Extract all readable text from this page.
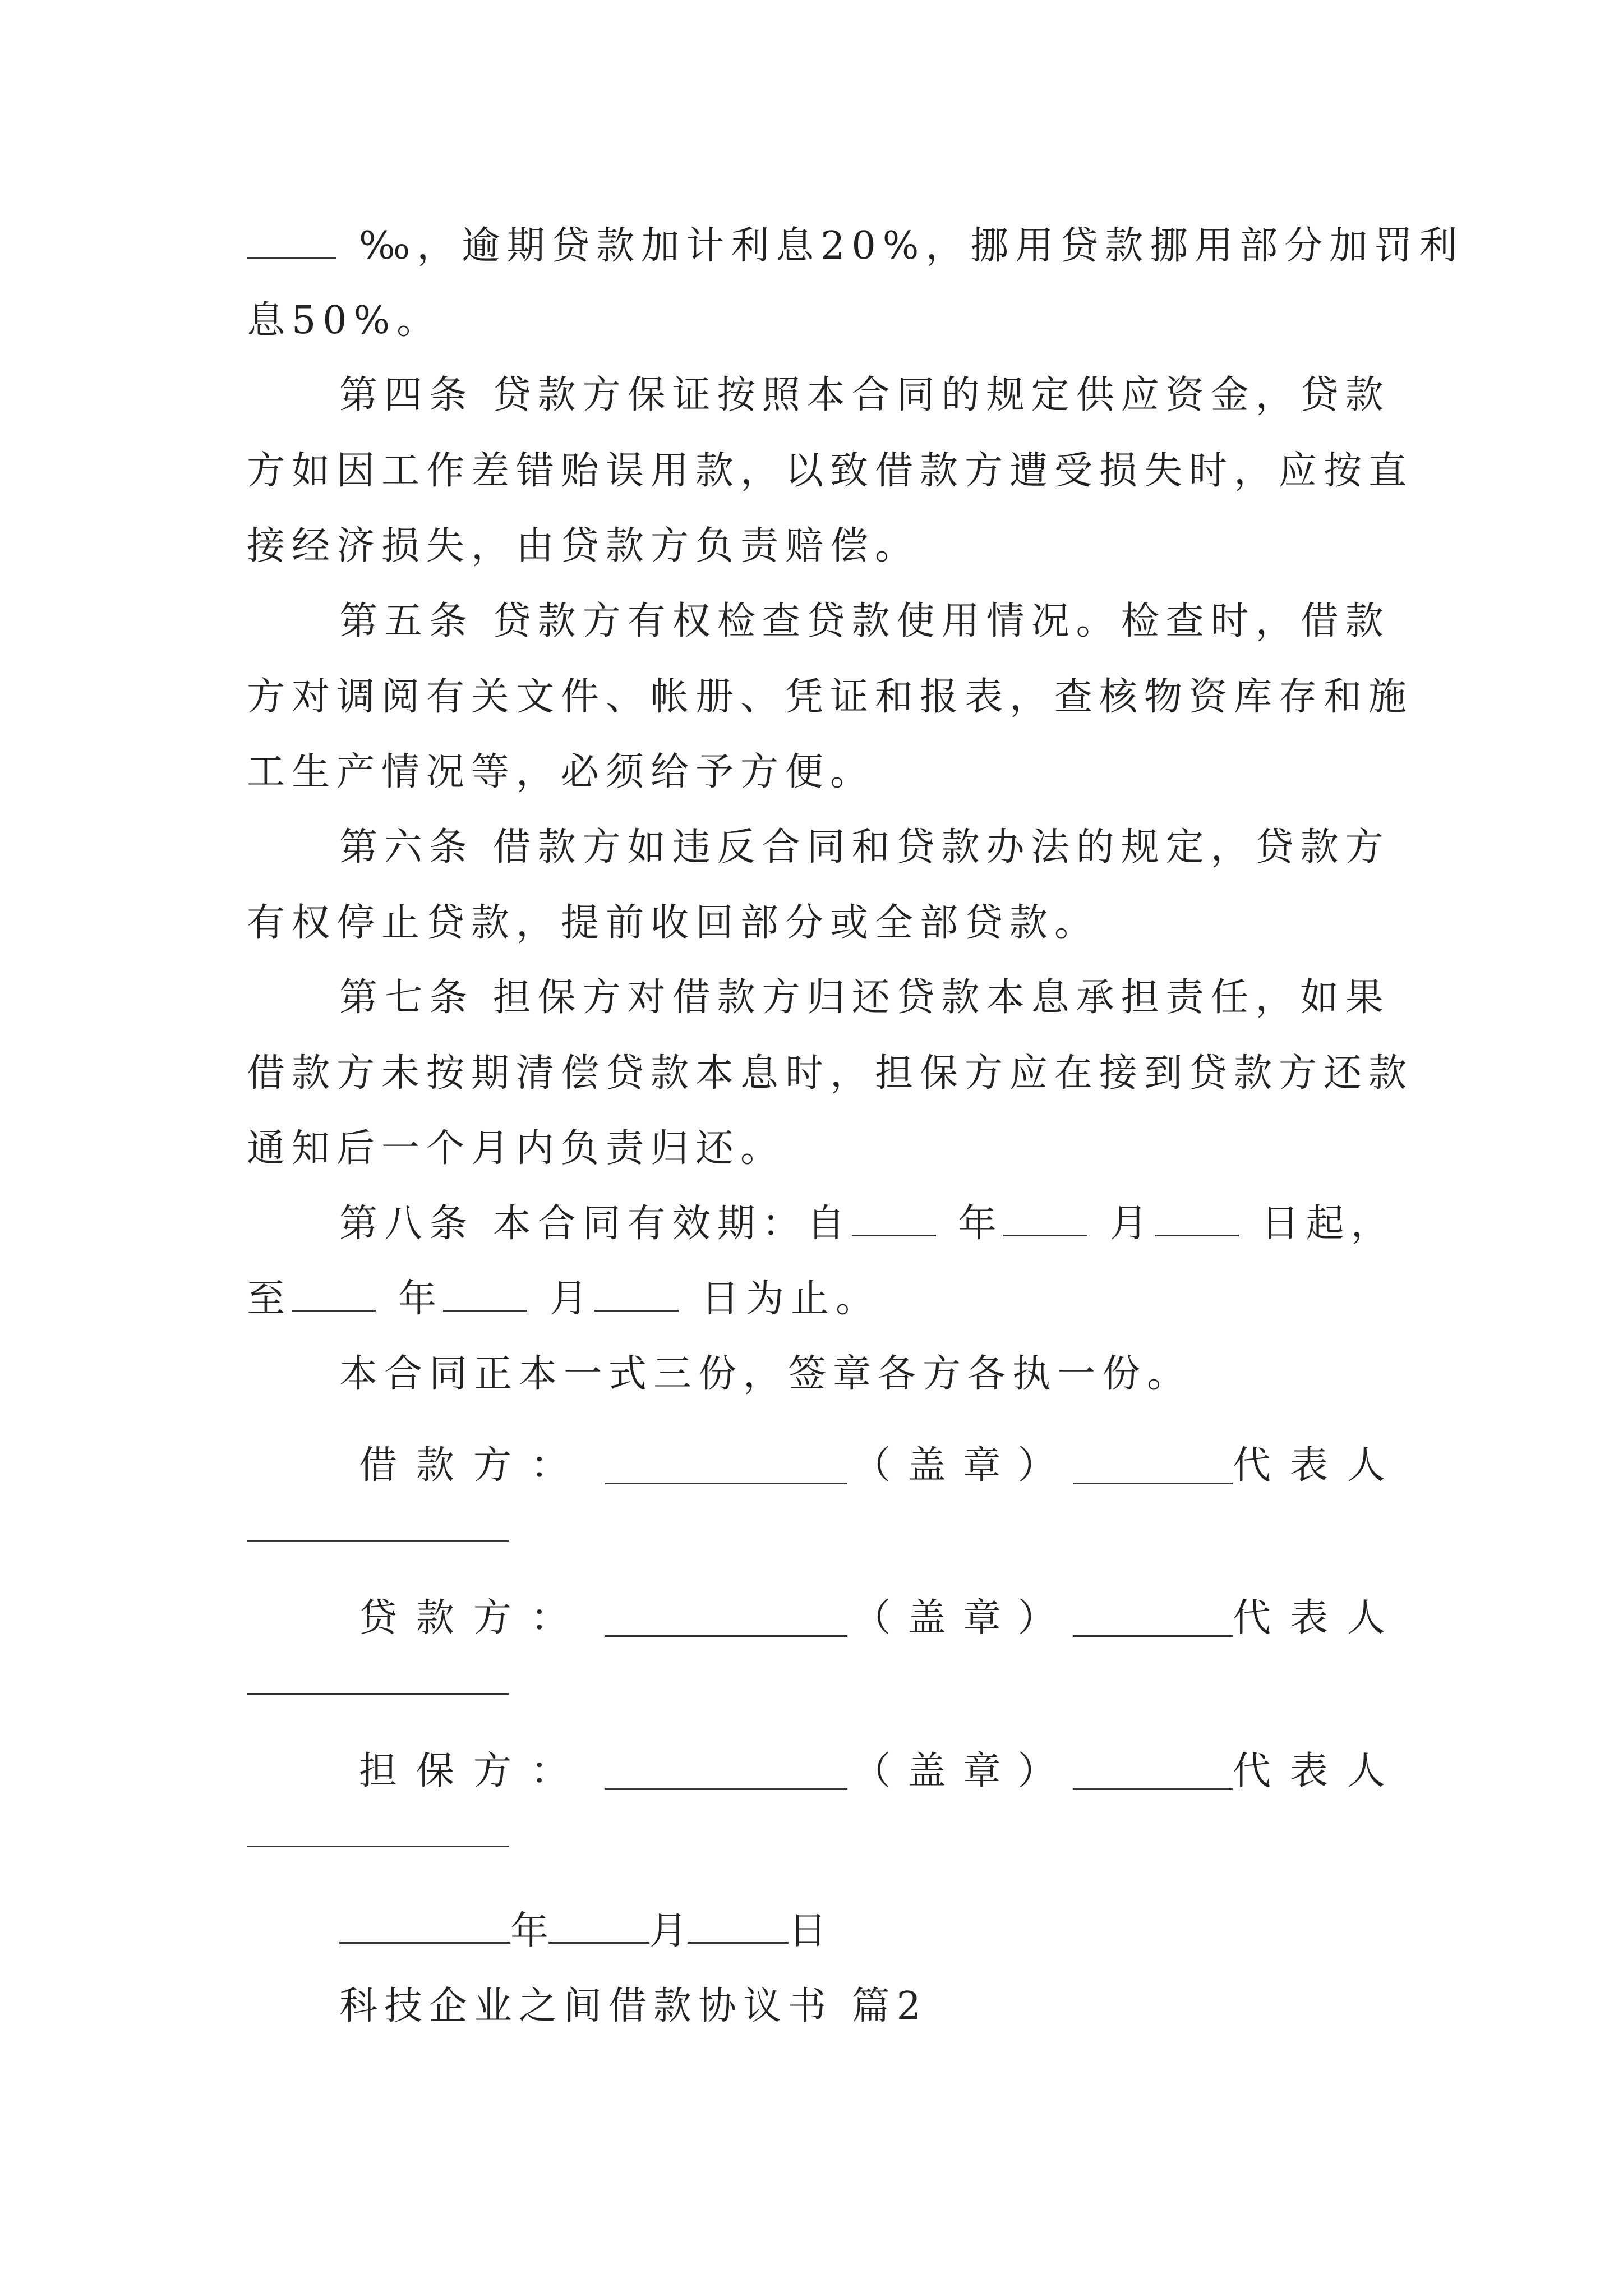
‰，逾期贷款加计利息20%，挪用贷款挪用部分加罚利
息50%。
第四条 贷款方保证按照本合同的规定供应资金，贷款
方如因工作差错贻误用款，以致借款方遭受损失时，应按直
接经济损失，由贷款方负责赔偿。
第五条 贷款方有权检查贷款使用情况。检查时，借款
方对调阅有关文件、帐册、凭证和报表，查核物资库存和施
工生产情况等，必须给予方便。
第六条 借款方如违反合同和贷款办法的规定，贷款方
有权停止贷款，提前收回部分或全部贷款。
第七条 担保方对借款方归还贷款本息承担责任，如果
借款方未按期清偿贷款本息时，担保方应在接到贷款方还款
通知后一个月内负责归还。
第八条 本合同有效期：自	年	月	日起，
至	年	月	日为止。
本合同正本一式三份，签章各方各执一份。
借款方：	（盖章）	代表人
贷款方：	（盖章）	代表人
担保方：	（盖章）	代表人
年	月	日
科技企业之间借款协议书 篇2
